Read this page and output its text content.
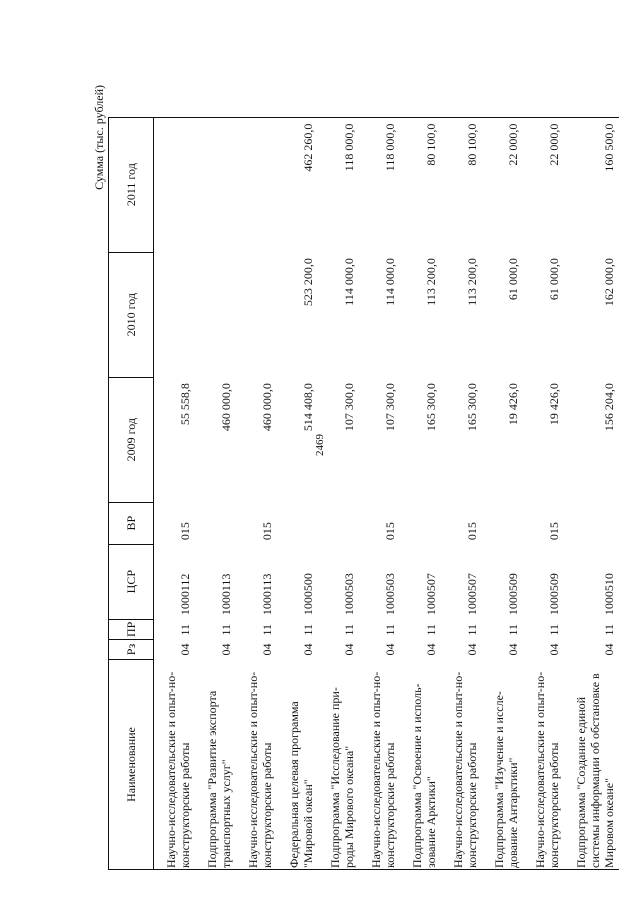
2469
Сумма (тыс. рублей)
Наименование	Рз	ПР	ЦСР	ВР	2009 год	2010 год	2011 год
Научно-исследовательские и опыт-но-конструкторские работы	04	11	1000112	015	55 558,8		
Подпрограмма "Развитие экспорта транспортных услуг"	04	11	1000113		460 000,0		
Научно-исследовательские и опыт-но-конструкторские работы	04	11	1000113	015	460 000,0		
Федеральная целевая программа "Мировой океан"	04	11	1000500		514 408,0	523 200,0	462 260,0
Подпрограмма "Исследование при-роды Мирового океана"	04	11	1000503		107 300,0	114 000,0	118 000,0
Научно-исследовательские и опыт-но-конструкторские работы	04	11	1000503	015	107 300,0	114 000,0	118 000,0
Подпрограмма "Освоение и исполь-зование Арктики"	04	11	1000507		165 300,0	113 200,0	80 100,0
Научно-исследовательские и опыт-но-конструкторские работы	04	11	1000507	015	165 300,0	113 200,0	80 100,0
Подпрограмма "Изучение и иссле-дование Антарктики"	04	11	1000509		19 426,0	61 000,0	22 000,0
Научно-исследовательские и опыт-но-конструкторские работы	04	11	1000509	015	19 426,0	61 000,0	22 000,0
Подпрограмма "Создание единой системы информации об обстановке в Мировом океане"	04	11	1000510		156 204,0	162 000,0	160 500,0
